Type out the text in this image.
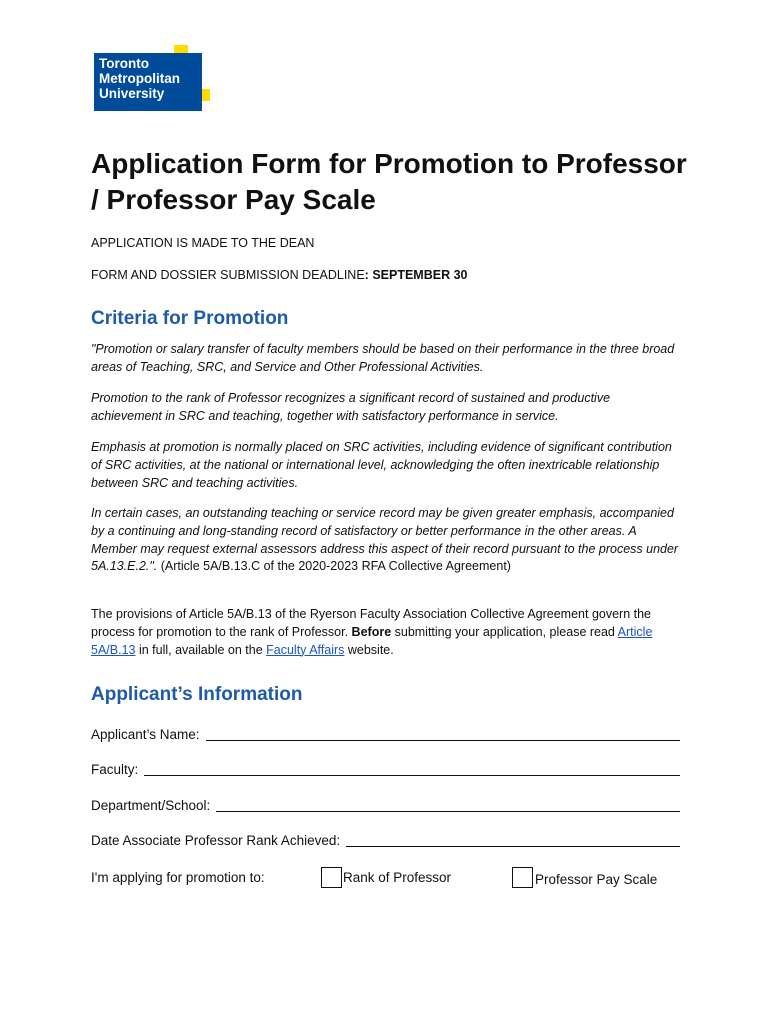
Toronto
Metropolitan
University
Application Form for Promotion to Professor / Professor Pay Scale
APPLICATION IS MADE TO THE DEAN
FORM AND DOSSIER SUBMISSION DEADLINE: SEPTEMBER 30
Criteria for Promotion

"Promotion or salary transfer of faculty members should be based on their performance in the three broad areas of Teaching, SRC, and Service and Other Professional Activities.

Promotion to the rank of Professor recognizes a significant record of sustained and productive achievement in SRC and teaching, together with satisfactory performance in service.

Emphasis at promotion is normally placed on SRC activities, including evidence of significant contribution of SRC activities, at the national or international level, acknowledging the often inextricable relationship between SRC and teaching activities.

In certain cases, an outstanding teaching or service record may be given greater emphasis, accompanied by a continuing and long-standing record of satisfactory or better performance in the other areas. A Member may request external assessors address this aspect of their record pursuant to the process under 5A.13.E.2.". (Article 5A/B.13.C of the 2020-2023 RFA Collective Agreement)

The provisions of Article 5A/B.13 of the Ryerson Faculty Association Collective Agreement govern the process for promotion to the rank of Professor. Before submitting your application, please read Article 5A/B.13 in full, available on the Faculty Affairs website.

Applicant’s Information
Applicant’s Name:
Faculty:
Department/School:
Date Associate Professor Rank Achieved:
I'm applying for promotion to:	Rank of Professor	Professor Pay Scale
